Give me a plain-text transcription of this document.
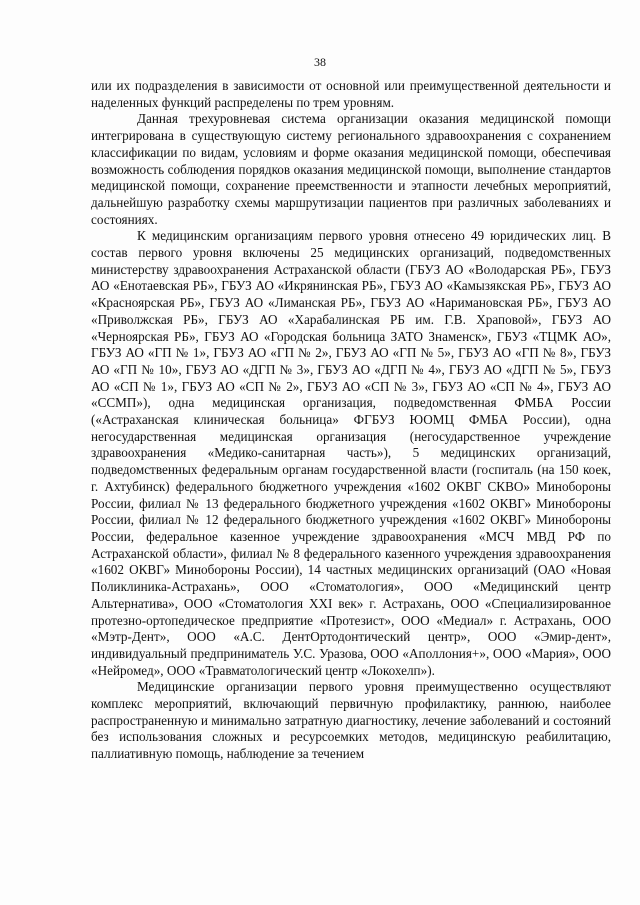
38

или их подразделения в зависимости от основной или преимущественной деятельности и наделенных функций распределены по трем уровням.

Данная трехуровневая система организации оказания медицинской помощи интегрирована в существующую систему регионального здравоохранения с сохранением классификации по видам, условиям и форме оказания медицинской помощи, обеспечивая возможность соблюдения порядков оказания медицинской помощи, выполнение стандартов медицинской помощи, сохранение преемственности и этапности лечебных мероприятий, дальнейшую разработку схемы маршрутизации пациентов при различных заболеваниях и состояниях.

К медицинским организациям первого уровня отнесено 49 юридических лиц. В состав первого уровня включены 25 медицинских организаций, подведомственных министерству здравоохранения Астраханской области (ГБУЗ АО «Володарская РБ», ГБУЗ АО «Енотаевская РБ», ГБУЗ АО «Икрянинская РБ», ГБУЗ АО «Камызякская РБ», ГБУЗ АО «Красноярская РБ», ГБУЗ АО «Лиманская РБ», ГБУЗ АО «Наримановская РБ», ГБУЗ АО «Приволжская РБ», ГБУЗ АО «Харабалинская РБ им. Г.В. Храповой», ГБУЗ АО «Черноярская РБ», ГБУЗ АО «Городская больница ЗАТО Знаменск», ГБУЗ «ТЦМК АО», ГБУЗ АО «ГП № 1», ГБУЗ АО «ГП № 2», ГБУЗ АО «ГП № 5», ГБУЗ АО «ГП № 8», ГБУЗ АО «ГП № 10», ГБУЗ АО «ДГП № 3», ГБУЗ АО «ДГП № 4», ГБУЗ АО «ДГП № 5», ГБУЗ АО «СП № 1», ГБУЗ АО «СП № 2», ГБУЗ АО «СП № 3», ГБУЗ АО «СП № 4», ГБУЗ АО «ССМП»), одна медицинская организация, подведомственная ФМБА России («Астраханская клиническая больница» ФГБУЗ ЮОМЦ ФМБА России), одна негосударственная медицинская организация (негосударственное учреждение здравоохранения «Медико-санитарная часть»), 5 медицинских организаций, подведомственных федеральным органам государственной власти (госпиталь (на 150 коек, г. Ахтубинск) федерального бюджетного учреждения «1602 ОКВГ СКВО» Минобороны России, филиал № 13 федерального бюджетного учреждения «1602 ОКВГ» Минобороны России, филиал № 12 федерального бюджетного учреждения «1602 ОКВГ» Минобороны России, федеральное казенное учреждение здравоохранения «МСЧ МВД РФ по Астраханской области», филиал № 8 федерального казенного учреждения здравоохранения «1602 ОКВГ» Минобороны России), 14 частных медицинских организаций (ОАО «Новая Поликлиника-Астрахань», ООО «Стоматология», ООО «Медицинский центр Альтернатива», ООО «Стоматология XXI век» г. Астрахань, ООО «Специализированное протезно-ортопедическое предприятие «Протезист», ООО «Медиал» г. Астрахань, ООО «Мэтр-Дент», ООО «А.С. ДентОртодонтический центр», ООО «Эмир-дент», индивидуальный предприниматель У.С. Уразова, ООО «Аполлония+», ООО «Мария», ООО «Нейромед», ООО «Травматологический центр «Локохелп»).

Медицинские организации первого уровня преимущественно осуществляют комплекс мероприятий, включающий первичную профилактику, раннюю, наиболее распространенную и минимально затратную диагностику, лечение заболеваний и состояний без использования сложных и ресурсоемких методов, медицинскую реабилитацию, паллиативную помощь, наблюдение за течением
